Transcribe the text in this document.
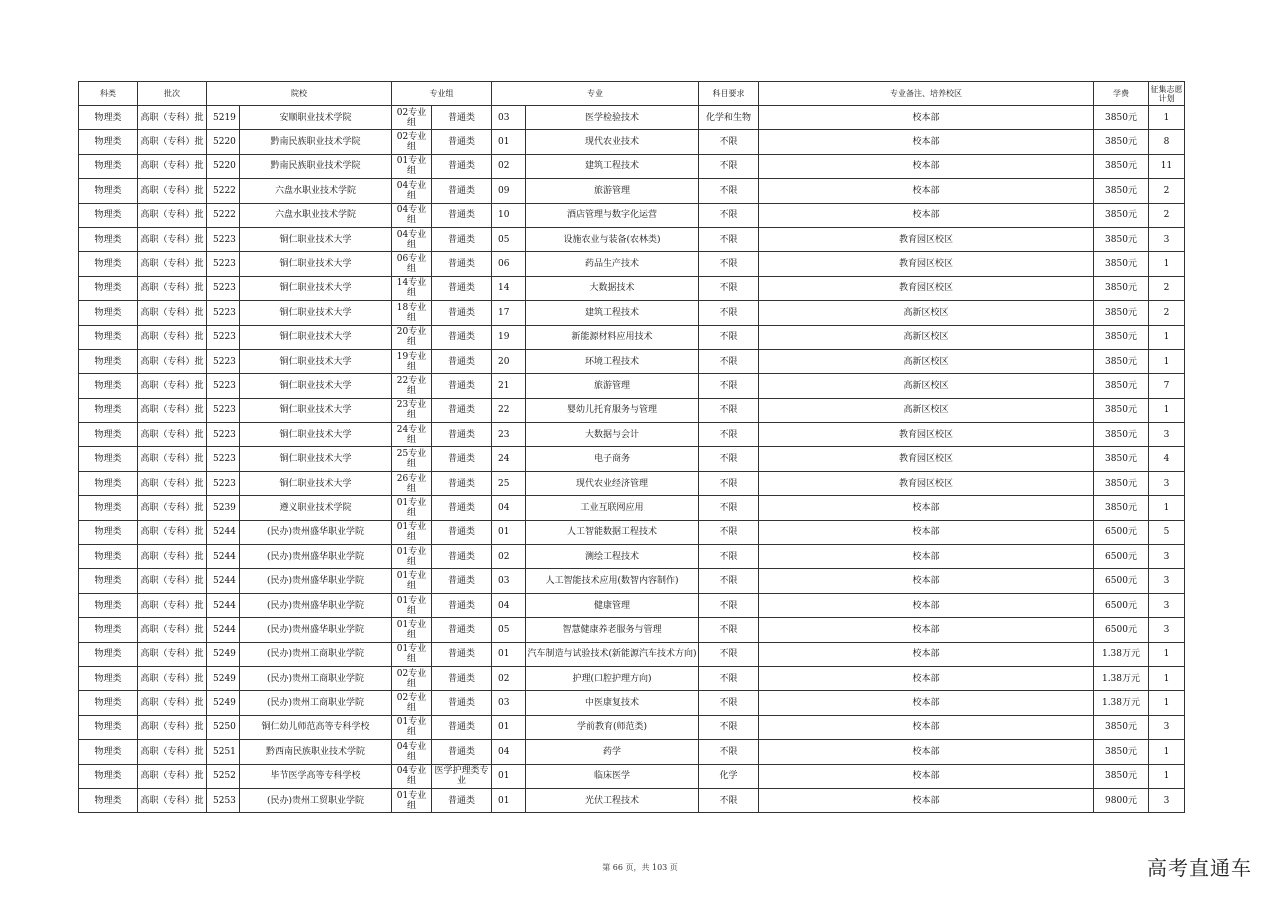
科类	批次	院校		专业组		专业		科目要求	专业备注、培养校区	学费	征集志愿计划
物理类	高职（专科）批	5219	安顺职业技术学院	02专业组	普通类	03	医学检验技术	化学和生物	校本部	3850元	1
物理类	高职（专科）批	5220	黔南民族职业技术学院	02专业组	普通类	01	现代农业技术	不限	校本部	3850元	8
物理类	高职（专科）批	5220	黔南民族职业技术学院	01专业组	普通类	02	建筑工程技术	不限	校本部	3850元	11
物理类	高职（专科）批	5222	六盘水职业技术学院	04专业组	普通类	09	旅游管理	不限	校本部	3850元	2
物理类	高职（专科）批	5222	六盘水职业技术学院	04专业组	普通类	10	酒店管理与数字化运营	不限	校本部	3850元	2
物理类	高职（专科）批	5223	铜仁职业技术大学	04专业组	普通类	05	设施农业与装备(农林类)	不限	教育园区校区	3850元	3
物理类	高职（专科）批	5223	铜仁职业技术大学	06专业组	普通类	06	药品生产技术	不限	教育园区校区	3850元	1
物理类	高职（专科）批	5223	铜仁职业技术大学	14专业组	普通类	14	大数据技术	不限	教育园区校区	3850元	2
物理类	高职（专科）批	5223	铜仁职业技术大学	18专业组	普通类	17	建筑工程技术	不限	高新区校区	3850元	2
物理类	高职（专科）批	5223	铜仁职业技术大学	20专业组	普通类	19	新能源材料应用技术	不限	高新区校区	3850元	1
物理类	高职（专科）批	5223	铜仁职业技术大学	19专业组	普通类	20	环境工程技术	不限	高新区校区	3850元	1
物理类	高职（专科）批	5223	铜仁职业技术大学	22专业组	普通类	21	旅游管理	不限	高新区校区	3850元	7
物理类	高职（专科）批	5223	铜仁职业技术大学	23专业组	普通类	22	婴幼儿托育服务与管理	不限	高新区校区	3850元	1
物理类	高职（专科）批	5223	铜仁职业技术大学	24专业组	普通类	23	大数据与会计	不限	教育园区校区	3850元	3
物理类	高职（专科）批	5223	铜仁职业技术大学	25专业组	普通类	24	电子商务	不限	教育园区校区	3850元	4
物理类	高职（专科）批	5223	铜仁职业技术大学	26专业组	普通类	25	现代农业经济管理	不限	教育园区校区	3850元	3
物理类	高职（专科）批	5239	遵义职业技术学院	01专业组	普通类	04	工业互联网应用	不限	校本部	3850元	1
物理类	高职（专科）批	5244	(民办)贵州盛华职业学院	01专业组	普通类	01	人工智能数据工程技术	不限	校本部	6500元	5
物理类	高职（专科）批	5244	(民办)贵州盛华职业学院	01专业组	普通类	02	测绘工程技术	不限	校本部	6500元	3
物理类	高职（专科）批	5244	(民办)贵州盛华职业学院	01专业组	普通类	03	人工智能技术应用(数智内容制作)	不限	校本部	6500元	3
物理类	高职（专科）批	5244	(民办)贵州盛华职业学院	01专业组	普通类	04	健康管理	不限	校本部	6500元	3
物理类	高职（专科）批	5244	(民办)贵州盛华职业学院	01专业组	普通类	05	智慧健康养老服务与管理	不限	校本部	6500元	3
物理类	高职（专科）批	5249	(民办)贵州工商职业学院	01专业组	普通类	01	汽车制造与试验技术(新能源汽车技术方向)	不限	校本部	1.38万元	1
物理类	高职（专科）批	5249	(民办)贵州工商职业学院	02专业组	普通类	02	护理(口腔护理方向)	不限	校本部	1.38万元	1
物理类	高职（专科）批	5249	(民办)贵州工商职业学院	02专业组	普通类	03	中医康复技术	不限	校本部	1.38万元	1
物理类	高职（专科）批	5250	铜仁幼儿师范高等专科学校	01专业组	普通类	01	学前教育(师范类)	不限	校本部	3850元	3
物理类	高职（专科）批	5251	黔西南民族职业技术学院	04专业组	普通类	04	药学	不限	校本部	3850元	1
物理类	高职（专科）批	5252	毕节医学高等专科学校	04专业组	医学护理类专业	01	临床医学	化学	校本部	3850元	1
物理类	高职（专科）批	5253	(民办)贵州工贸职业学院	01专业组	普通类	01	光伏工程技术	不限	校本部	9800元	3
第 66 页，共 103 页	高考直通车
